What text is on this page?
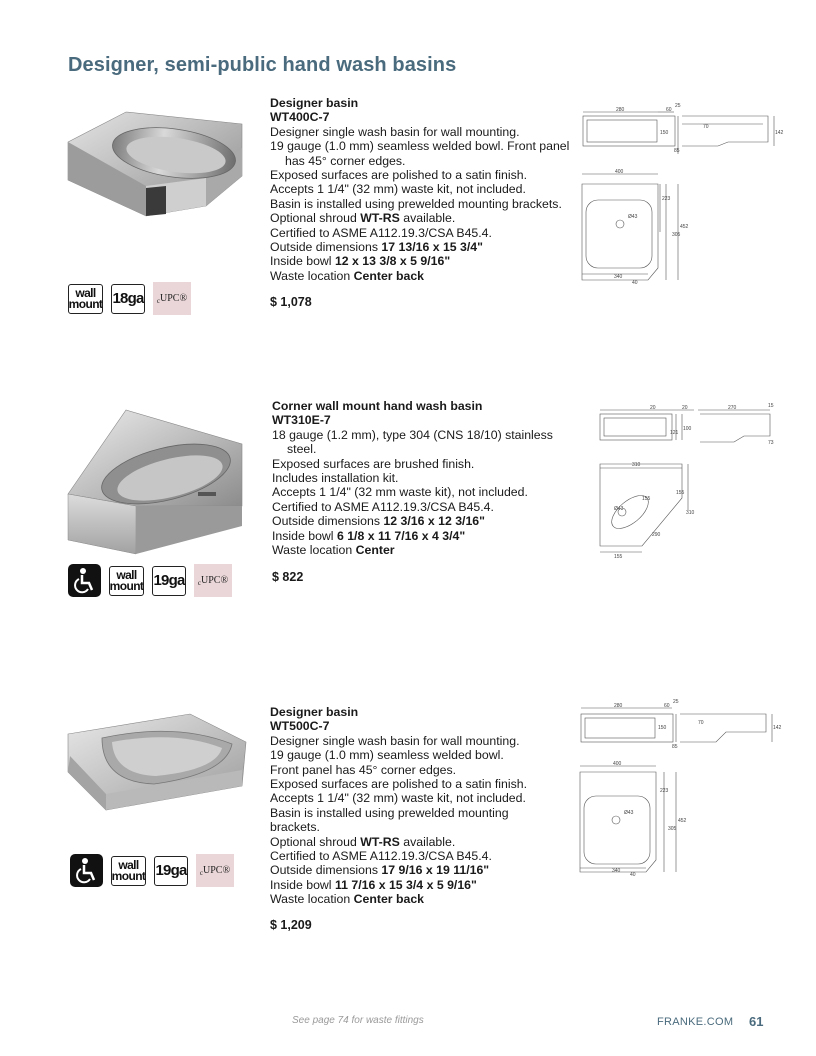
Designer, semi-public hand wash basins
Designer basin
WT400C-7
Designer single wash basin for wall mounting.
19 gauge (1.0 mm) seamless welded bowl. Front panel
has 45° corner edges.
Exposed surfaces are polished to a satin finish.
Accepts 1 1/4" (32 mm) waste kit, not included.
Basin is installed using prewelded mounting brackets.
Optional shroud WT-RS available.
Certified to ASME A112.19.3/CSA B45.4.
Outside dimensions 17 13/16 x 15 3/4"
Inside bowl 12 x 13 3/8 x 5 9/16"
Waste location Center back
$ 1,078
wall
mount 18ga c UPC®
280	60
25
150
85
70
142
400
223
452
305
340
40
Ø43
Corner wall mount hand wash basin
WT310E-7
18 gauge (1.2 mm), type 304 (CNS 18/10) stainless
steel.
Exposed surfaces are brushed finish.
Includes installation kit.
Accepts 1 1/4" (32 mm waste kit), not included.
Certified to ASME A112.19.3/CSA B45.4.
Outside dimensions 12 3/16 x 12 3/16"
Inside bowl 6 1/8 x 11 7/16 x 4 3/4"
Waste location Center
$ 822
wall
mount 19ga c UPC®
20	20	270	15
121
100
73
310
155
155
310
290
155
Ø43
Designer basin
WT500C-7
Designer single wash basin for wall mounting.
19 gauge (1.0 mm) seamless welded bowl.
Front panel has 45° corner edges.
Exposed surfaces are polished to a satin finish.
Accepts 1 1/4" (32 mm) waste kit, not included.
Basin is installed using prewelded mounting
brackets.
Optional shroud WT-RS available.
Certified to ASME A112.19.3/CSA B45.4.
Outside dimensions 17 9/16 x 19 11/16"
Inside bowl 11 7/16 x 15 3/4 x 5 9/16"
Waste location Center back
$ 1,209
wall
mount 19ga c UPC®
280	60
25
150
85
70
142
400
223
452
305
340
40
Ø43
See page 74 for waste fittings	FRANKE.COM 61
